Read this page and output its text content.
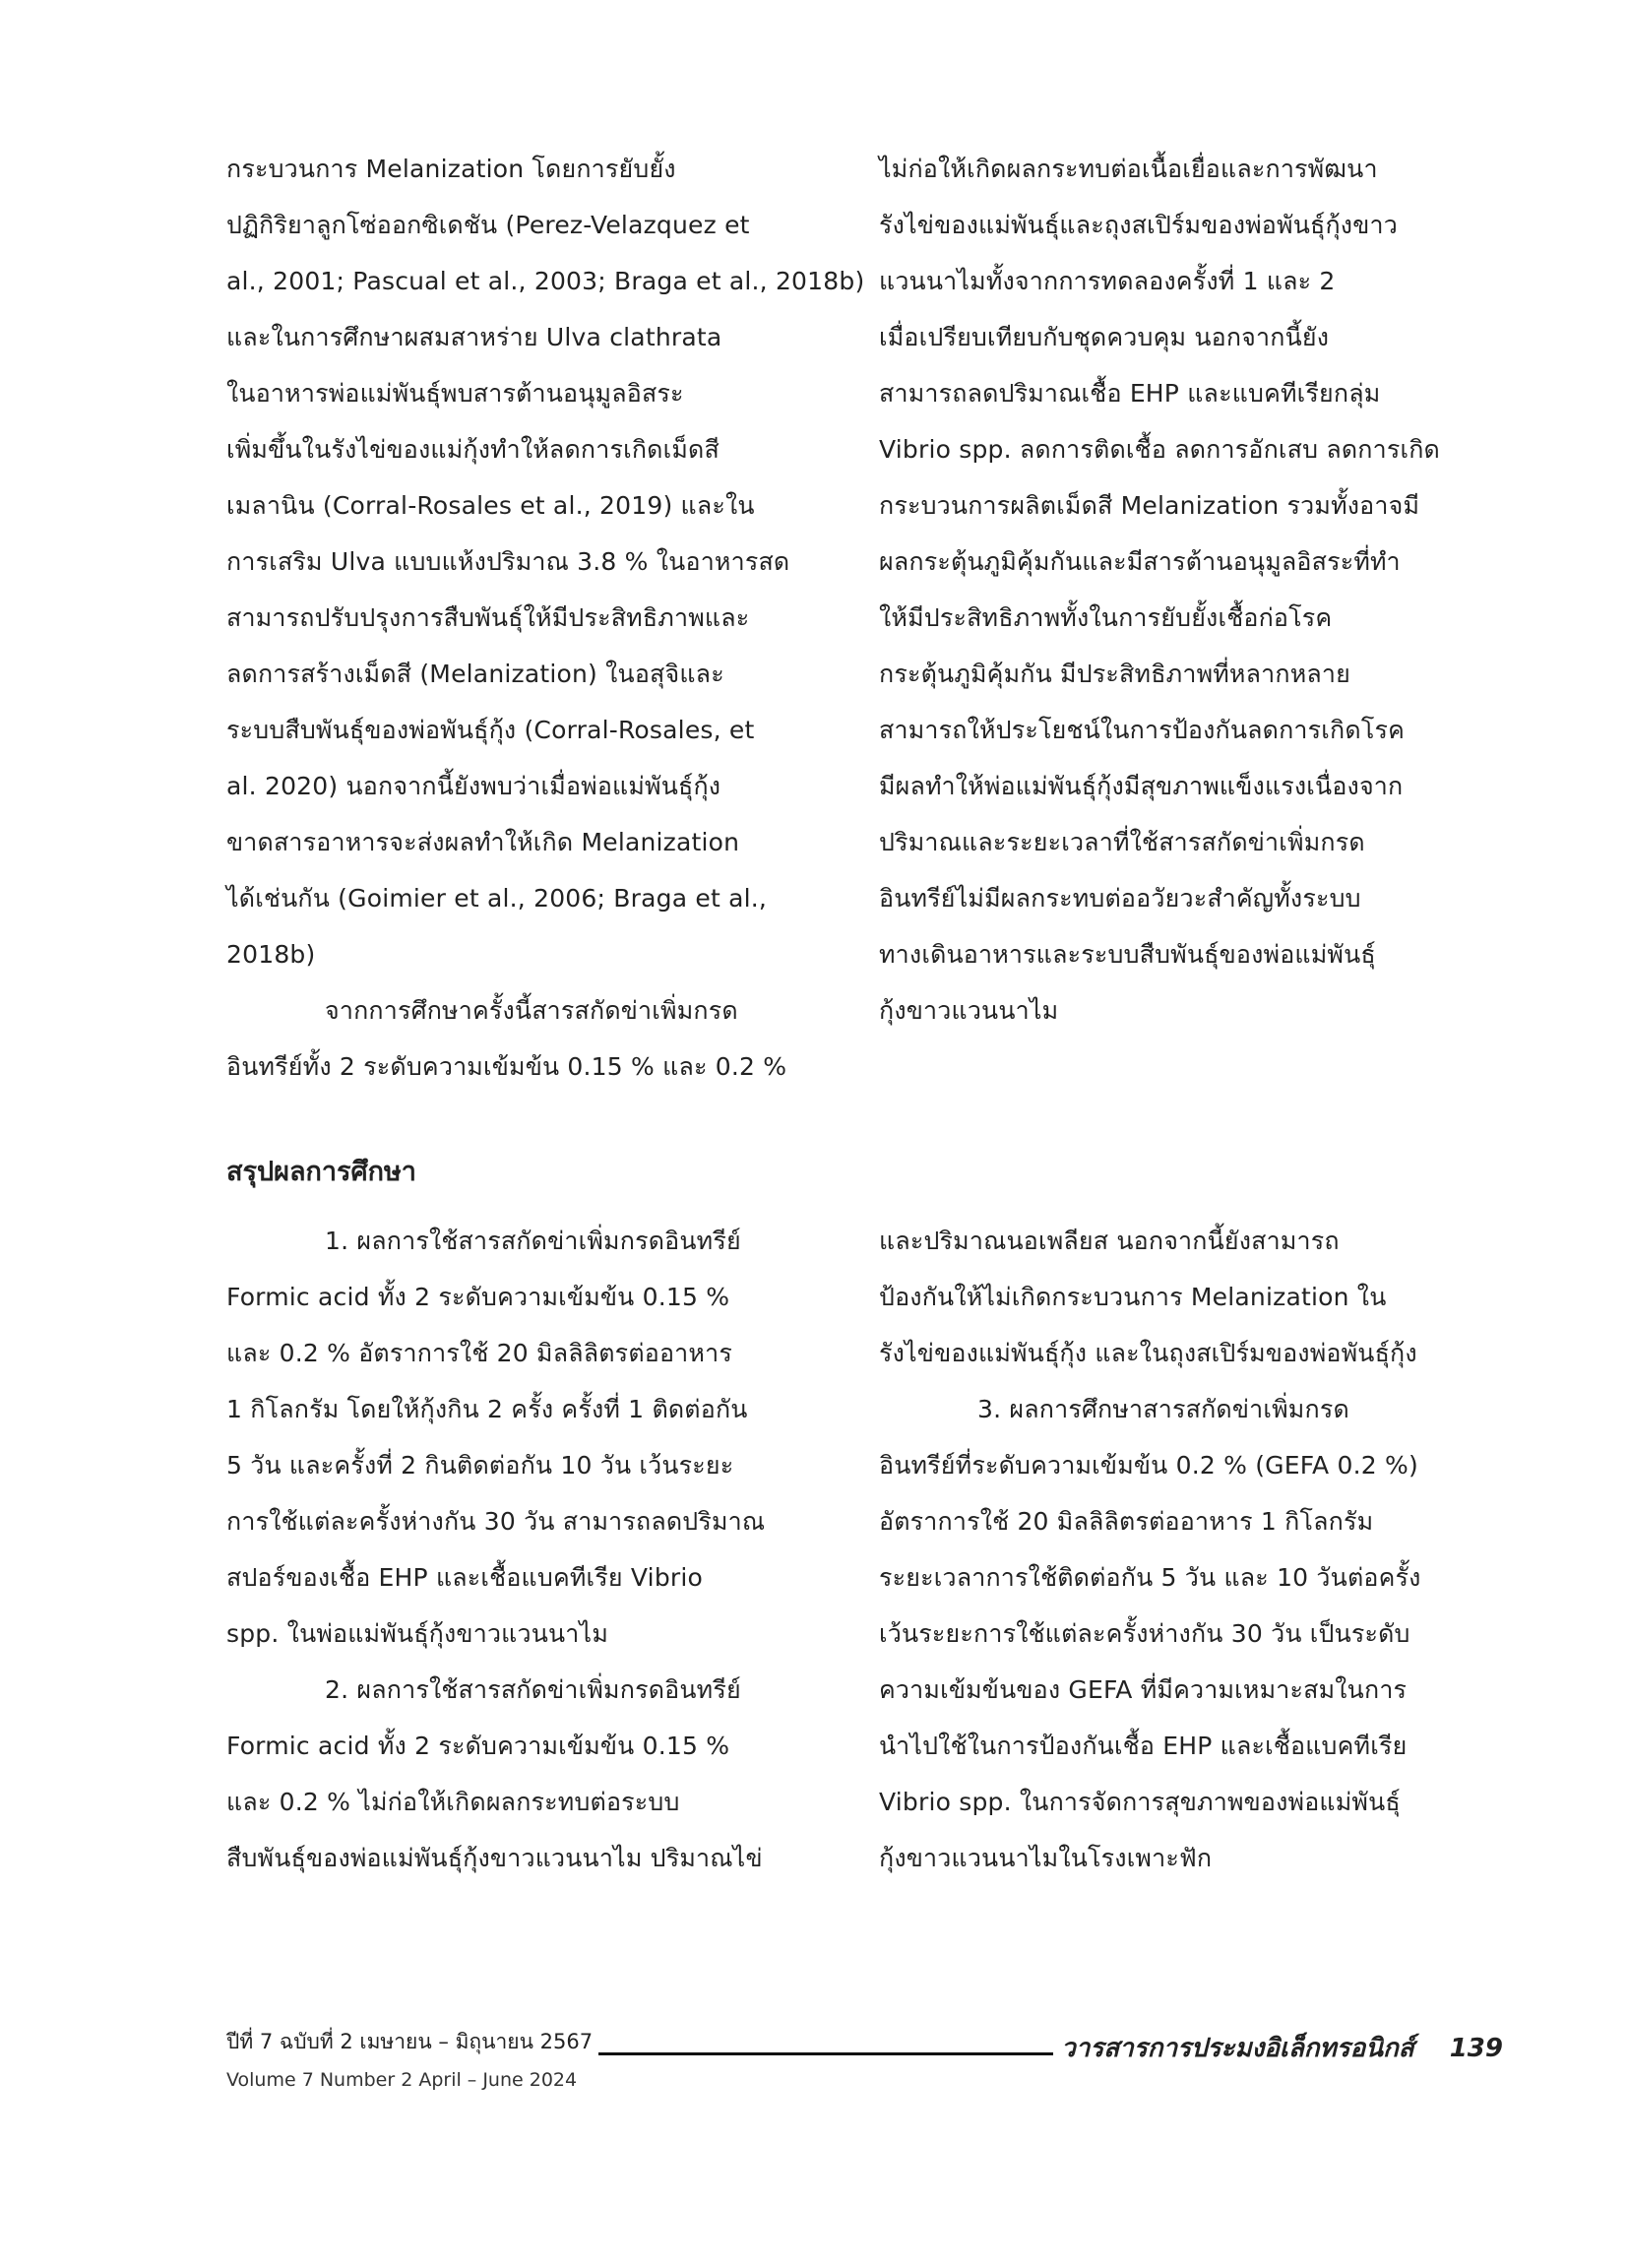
กระบวนการ Melanization โดยการยับยั้ง
ปฏิกิริยาลูกโซ่ออกซิเดชัน (Perez-Velazquez et
al., 2001; Pascual et al., 2003; Braga et al., 2018b)
และในการศึกษาผสมสาหร่าย Ulva clathrata
ในอาหารพ่อแม่พันธุ์พบสารต้านอนุมูลอิสระ
เพิ่มขึ้นในรังไข่ของแม่กุ้งทำให้ลดการเกิดเม็ดสี
เมลานิน (Corral-Rosales et al., 2019) และใน
การเสริม Ulva แบบแห้งปริมาณ 3.8 % ในอาหารสด
สามารถปรับปรุงการสืบพันธุ์ให้มีประสิทธิภาพและ
ลดการสร้างเม็ดสี (Melanization) ในอสุจิและ
ระบบสืบพันธุ์ของพ่อพันธุ์กุ้ง (Corral-Rosales, et
al. 2020) นอกจากนี้ยังพบว่าเมื่อพ่อแม่พันธุ์กุ้ง
ขาดสารอาหารจะส่งผลทำให้เกิด Melanization
ได้เช่นกัน (Goimier et al., 2006; Braga et al.,
2018b)
จากการศึกษาครั้งนี้สารสกัดข่าเพิ่มกรด
อินทรีย์ทั้ง 2 ระดับความเข้มข้น 0.15 % และ 0.2 %
ไม่ก่อให้เกิดผลกระทบต่อเนื้อเยื่อและการพัฒนา
รังไข่ของแม่พันธุ์และถุงสเปิร์มของพ่อพันธุ์กุ้งขาว
แวนนาไมทั้งจากการทดลองครั้งที่ 1 และ 2
เมื่อเปรียบเทียบกับชุดควบคุม นอกจากนี้ยัง
สามารถลดปริมาณเชื้อ EHP และแบคทีเรียกลุ่ม
Vibrio spp. ลดการติดเชื้อ ลดการอักเสบ ลดการเกิด
กระบวนการผลิตเม็ดสี Melanization รวมทั้งอาจมี
ผลกระตุ้นภูมิคุ้มกันและมีสารต้านอนุมูลอิสระที่ทำ
ให้มีประสิทธิภาพทั้งในการยับยั้งเชื้อก่อโรค
กระตุ้นภูมิคุ้มกัน มีประสิทธิภาพที่หลากหลาย
สามารถให้ประโยชน์ในการป้องกันลดการเกิดโรค
มีผลทำให้พ่อแม่พันธุ์กุ้งมีสุขภาพแข็งแรงเนื่องจาก
ปริมาณและระยะเวลาที่ใช้สารสกัดข่าเพิ่มกรด
อินทรีย์ไม่มีผลกระทบต่ออวัยวะสำคัญทั้งระบบ
ทางเดินอาหารและระบบสืบพันธุ์ของพ่อแม่พันธุ์
กุ้งขาวแวนนาไม
สรุปผลการศึกษา
1. ผลการใช้สารสกัดข่าเพิ่มกรดอินทรีย์
Formic acid ทั้ง 2 ระดับความเข้มข้น 0.15 %
และ 0.2 % อัตราการใช้ 20 มิลลิลิตรต่ออาหาร
1 กิโลกรัม โดยให้กุ้งกิน 2 ครั้ง ครั้งที่ 1 ติดต่อกัน
5 วัน และครั้งที่ 2 กินติดต่อกัน 10 วัน เว้นระยะ
การใช้แต่ละครั้งห่างกัน 30 วัน สามารถลดปริมาณ
สปอร์ของเชื้อ EHP และเชื้อแบคทีเรีย Vibrio
spp. ในพ่อแม่พันธุ์กุ้งขาวแวนนาไม
2. ผลการใช้สารสกัดข่าเพิ่มกรดอินทรีย์
Formic acid ทั้ง 2 ระดับความเข้มข้น 0.15 %
และ 0.2 % ไม่ก่อให้เกิดผลกระทบต่อระบบ
สืบพันธุ์ของพ่อแม่พันธุ์กุ้งขาวแวนนาไม ปริมาณไข่
และปริมาณนอเพลียส นอกจากนี้ยังสามารถ
ป้องกันให้ไม่เกิดกระบวนการ Melanization ใน
รังไข่ของแม่พันธุ์กุ้ง และในถุงสเปิร์มของพ่อพันธุ์กุ้ง
3. ผลการศึกษาสารสกัดข่าเพิ่มกรด
อินทรีย์ที่ระดับความเข้มข้น 0.2 % (GEFA 0.2 %)
อัตราการใช้ 20 มิลลิลิตรต่ออาหาร 1 กิโลกรัม
ระยะเวลาการใช้ติดต่อกัน 5 วัน และ 10 วันต่อครั้ง
เว้นระยะการใช้แต่ละครั้งห่างกัน 30 วัน เป็นระดับ
ความเข้มข้นของ GEFA ที่มีความเหมาะสมในการ
นำไปใช้ในการป้องกันเชื้อ EHP และเชื้อแบคทีเรีย
Vibrio spp. ในการจัดการสุขภาพของพ่อแม่พันธุ์
กุ้งขาวแวนนาไมในโรงเพาะฟัก
ปีที่ 7 ฉบับที่ 2 เมษายน – มิถุนายน 2567
Volume 7 Number 2 April – June 2024
วารสารการประมงอิเล็กทรอนิกส์ 139
